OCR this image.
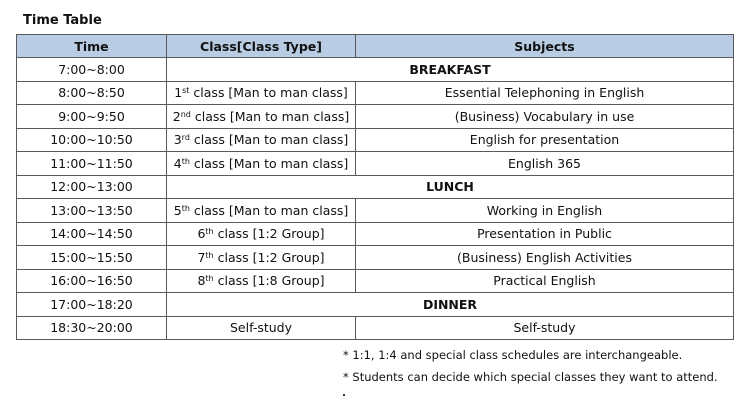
Time Table
Time	Class[Class Type]	Subjects
7:00~8:00	BREAKFAST	
8:00~8:50	1st class [Man to man class]	Essential Telephoning in English
9:00~9:50	2nd class [Man to man class]	(Business) Vocabulary in use
10:00~10:50	3rd class [Man to man class]	English for presentation
11:00~11:50	4th class [Man to man class]	English 365
12:00~13:00	LUNCH	
13:00~13:50	5th class [Man to man class]	Working in English
14:00~14:50	6th class [1:2 Group]	Presentation in Public
15:00~15:50	7th class [1:2 Group]	(Business) English Activities
16:00~16:50	8th class [1:8 Group]	Practical English
17:00~18:20	DINNER	
18:30~20:00	Self-study	Self-study
* 1:1, 1:4 and special class schedules are interchangeable.
* Students can decide which special classes they want to attend.
